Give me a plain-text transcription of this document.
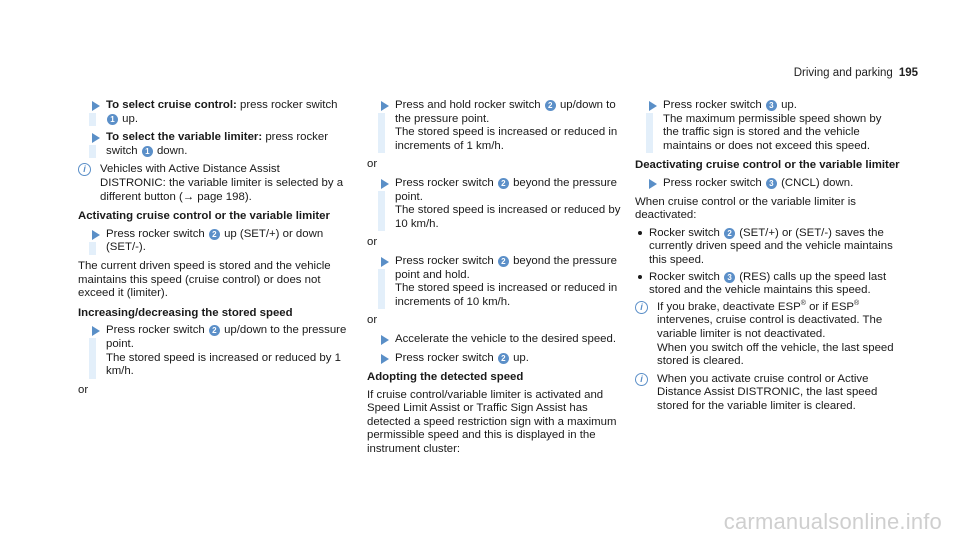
Driving and parking 195
To select cruise control: press rocker switch 1 up.
To select the variable limiter: press rocker switch 1 down.
i	Vehicles with Active Distance Assist DISTRONIC: the variable limiter is selected by a different button (→ page 198).
Activating cruise control or the variable limiter
Press rocker switch 2 up (SET/+) or down (SET/-).
The current driven speed is stored and the vehicle maintains this speed (cruise control) or does not exceed it (limiter).
Increasing/decreasing the stored speed
Press rocker switch 2 up/down to the pressure point.
The stored speed is increased or reduced by 1 km/h.
or
Press and hold rocker switch 2 up/down to the pressure point.
The stored speed is increased or reduced in increments of 1 km/h.
or
Press rocker switch 2 beyond the pressure point.
The stored speed is increased or reduced by 10 km/h.
or
Press rocker switch 2 beyond the pressure point and hold.
The stored speed is increased or reduced in increments of 10 km/h.
or
Accelerate the vehicle to the desired speed.
Press rocker switch 2 up.
Adopting the detected speed
If cruise control/variable limiter is activated and Speed Limit Assist or Traffic Sign Assist has detected a speed restriction sign with a maximum permissible speed and this is displayed in the instrument cluster:
Press rocker switch 3 up.
The maximum permissible speed shown by the traffic sign is stored and the vehicle maintains or does not exceed this speed.
Deactivating cruise control or the variable limiter
Press rocker switch 3 (CNCL) down.
When cruise control or the variable limiter is deactivated:
Rocker switch 2 (SET/+) or (SET/-) saves the currently driven speed and the vehicle maintains this speed.
Rocker switch 3 (RES) calls up the speed last stored and the vehicle maintains this speed.
i	If you brake, deactivate ESP® or if ESP® intervenes, cruise control is deactivated. The variable limiter is not deactivated.
When you switch off the vehicle, the last speed stored is cleared.
i	When you activate cruise control or Active Distance Assist DISTRONIC, the last speed stored for the variable limiter is cleared.
carmanualsonline.info
